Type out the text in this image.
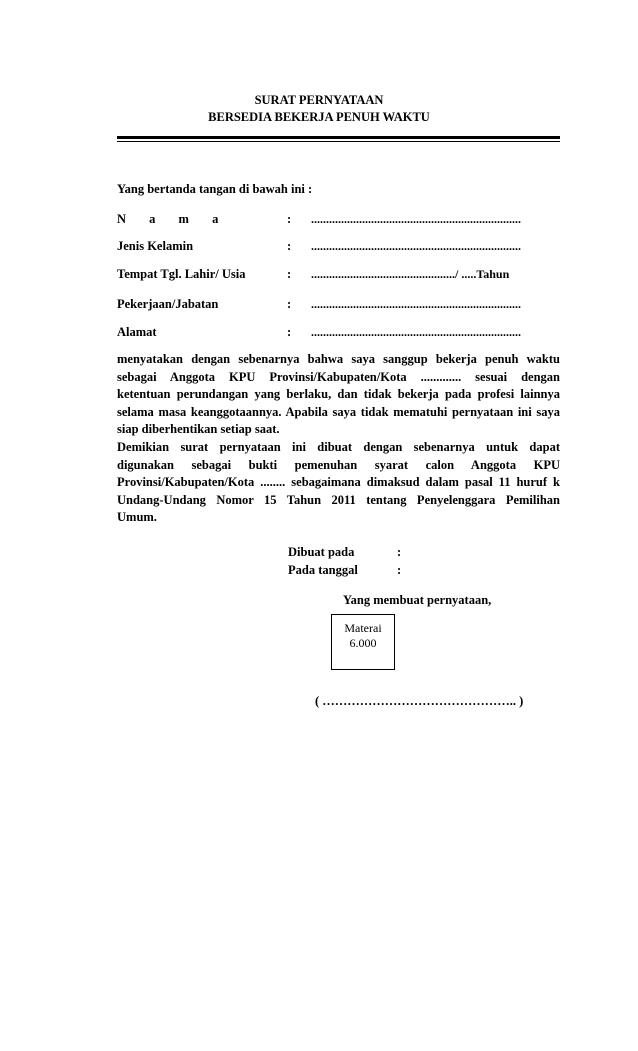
SURAT PERNYATAAN
BERSEDIA BEKERJA PENUH WAKTU
Yang bertanda tangan di bawah ini :
N a m a	: ......................................................................
Jenis Kelamin	: ......................................................................
Tempat Tgl. Lahir/ Usia	: ................................................/ .....Tahun
Pekerjaan/Jabatan	: ......................................................................
Alamat	: ......................................................................
menyatakan dengan sebenarnya bahwa saya sanggup bekerja penuh waktu
sebagai Anggota KPU Provinsi/Kabupaten/Kota ............. sesuai dengan
ketentuan perundangan yang berlaku, dan tidak bekerja pada profesi lainnya
selama masa keanggotaannya. Apabila saya tidak mematuhi pernyataan ini saya
siap diberhentikan setiap saat.
Demikian surat pernyataan ini dibuat dengan sebenarnya untuk dapat
digunakan sebagai bukti pemenuhan syarat calon Anggota KPU
Provinsi/Kabupaten/Kota ........ sebagaimana dimaksud dalam pasal 11 huruf k
Undang-Undang Nomor 15 Tahun 2011 tentang Penyelenggara Pemilihan
Umum.
Dibuat pada	:
Pada tanggal	:
Yang membuat pernyataan,
Materai
6.000
( ……………………………………….. )
